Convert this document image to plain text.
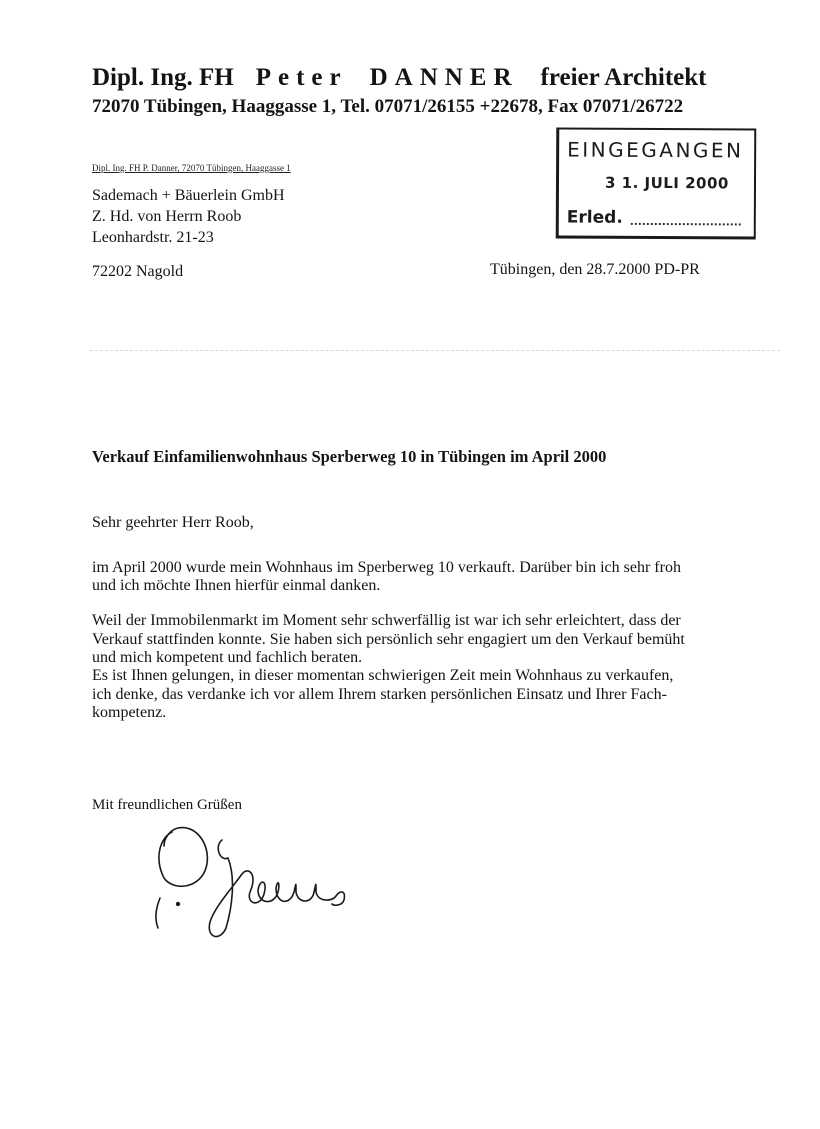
Dipl. Ing. FH Peter DANNER freier Architekt
72070 Tübingen, Haaggasse 1, Tel. 07071/26155 +22678, Fax 07071/26722
Dipl. Ing. FH P. Danner, 72070 Tübingen, Haaggasse 1
Sademach + Bäuerlein GmbH
Z. Hd. von Herrn Roob
Leonhardstr. 21-23
72202 Nagold
EINGEGANGEN
3 1. JULI 2000
Erled.
Tübingen, den 28.7.2000 PD-PR
Verkauf Einfamilienwohnhaus Sperberweg 10 in Tübingen im April 2000
Sehr geehrter Herr Roob,
im April 2000 wurde mein Wohnhaus im Sperberweg 10 verkauft. Darüber bin ich sehr froh
und ich möchte Ihnen hierfür einmal danken.
Weil der Immobilenmarkt im Moment sehr schwerfällig ist war ich sehr erleichtert, dass der
Verkauf stattfinden konnte. Sie haben sich persönlich sehr engagiert um den Verkauf bemüht
und mich kompetent und fachlich beraten.
Es ist Ihnen gelungen, in dieser momentan schwierigen Zeit mein Wohnhaus zu verkaufen,
ich denke, das verdanke ich vor allem Ihrem starken persönlichen Einsatz und Ihrer Fach-
kompetenz.
Mit freundlichen Grüßen
